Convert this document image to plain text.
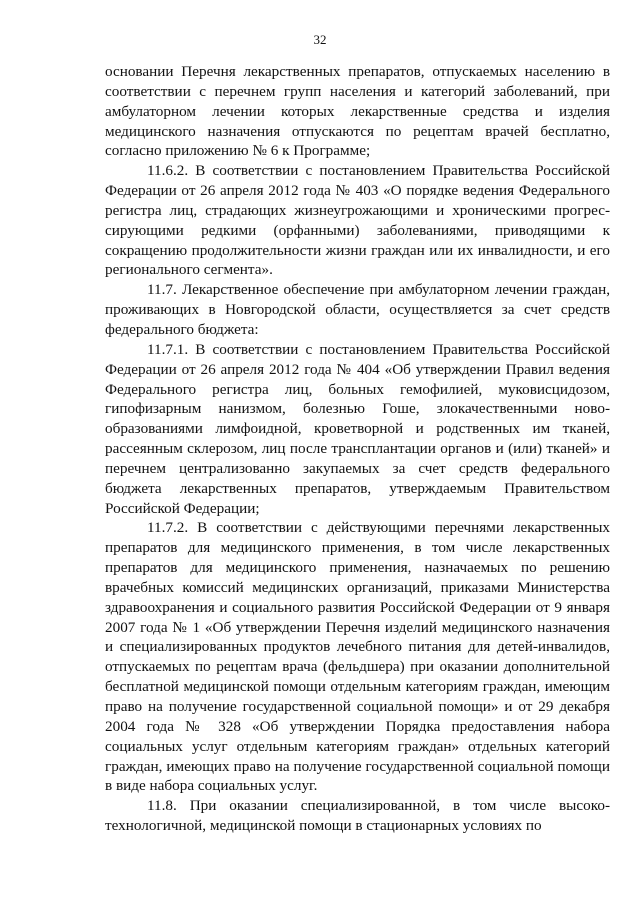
32

основании Перечня лекарственных препаратов, отпускаемых населению в соответствии с перечнем групп населения и категорий заболеваний, при амбулаторном лечении которых лекарственные средства и изделия медицинского назначения отпускаются по рецептам врачей бесплатно, согласно приложению № 6 к Программе;

11.6.2. В соответствии с постановлением Правительства Российской Федерации от 26 апреля 2012 года № 403 «О порядке ведения Федерального регистра лиц, страдающих жизнеугрожающими и хроническими прогрессирующими редкими (орфанными) заболеваниями, приводящими к сокращению продолжительности жизни граждан или их инвалидности, и его регионального сегмента».

11.7. Лекарственное обеспечение при амбулаторном лечении граждан, проживающих в Новгородской области, осуществляется за счет средств федерального бюджета:

11.7.1. В соответствии с постановлением Правительства Российской Федерации от 26 апреля 2012 года № 404 «Об утверждении Правил ведения Федерального регистра лиц, больных гемофилией, муковисцидозом, гипофизарным нанизмом, болезнью Гоше, злокачественными новообразованиями лимфоидной, кроветворной и родственных им тканей, рассеянным склерозом, лиц после трансплантации органов и (или) тканей» и перечнем централизованно закупаемых за счет средств федерального бюджета лекарственных препаратов, утверждаемым Правительством Российской Федерации;

11.7.2. В соответствии с действующими перечнями лекарственных препаратов для медицинского применения, в том числе лекарственных препаратов для медицинского применения, назначаемых по решению врачебных комиссий медицинских организаций, приказами Министерства здравоохранения и социального развития Российской Федерации от 9 января 2007 года № 1 «Об утверждении Перечня изделий медицинского назначения и специализированных продуктов лечебного питания для детей-инвалидов, отпускаемых по рецептам врача (фельдшера) при оказании дополнительной бесплатной медицинской помощи отдельным категориям граждан, имеющим право на получение государственной социальной помощи» и от 29 декабря 2004 года № 328 «Об утверждении Порядка предоставления набора социальных услуг отдельным категориям граждан» отдельных категорий граждан, имеющих право на получение государственной социальной помощи в виде набора социальных услуг.

11.8. При оказании специализированной, в том числе высокотехнологичной, медицинской помощи в стационарных условиях по
